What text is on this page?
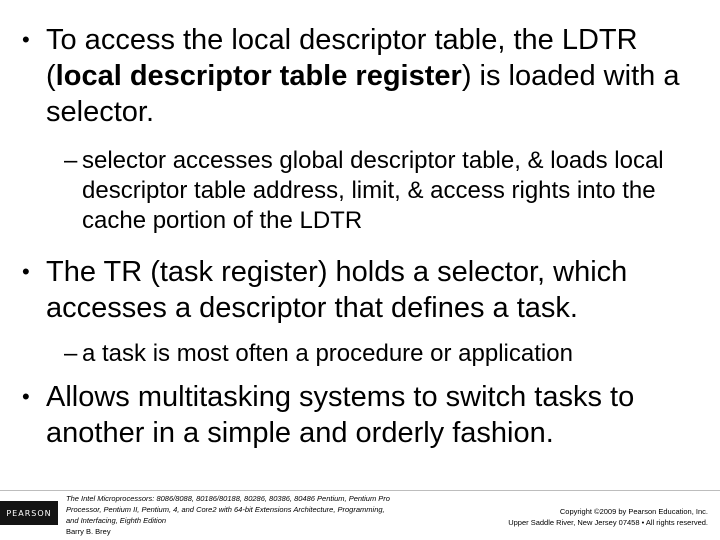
• To access the local descriptor table, the LDTR (local descriptor table register) is loaded with a selector.
– selector accesses global descriptor table, & loads local descriptor table address, limit, & access rights into the cache portion of the LDTR
• The TR (task register) holds a selector, which accesses a descriptor that defines a task.
– a task is most often a procedure or application
• Allows multitasking systems to switch tasks to another in a simple and orderly fashion.
PEARSON
The Intel Microprocessors: 8086/8088, 80186/80188, 80286, 80386, 80486 Pentium, Pentium Pro Processor, Pentium II, Pentium, 4, and Core2 with 64-bit Extensions Architecture, Programming, and Interfacing, Eighth Edition
Barry B. Brey
Copyright ©2009 by Pearson Education, Inc.
Upper Saddle River, New Jersey 07458 • All rights reserved.
